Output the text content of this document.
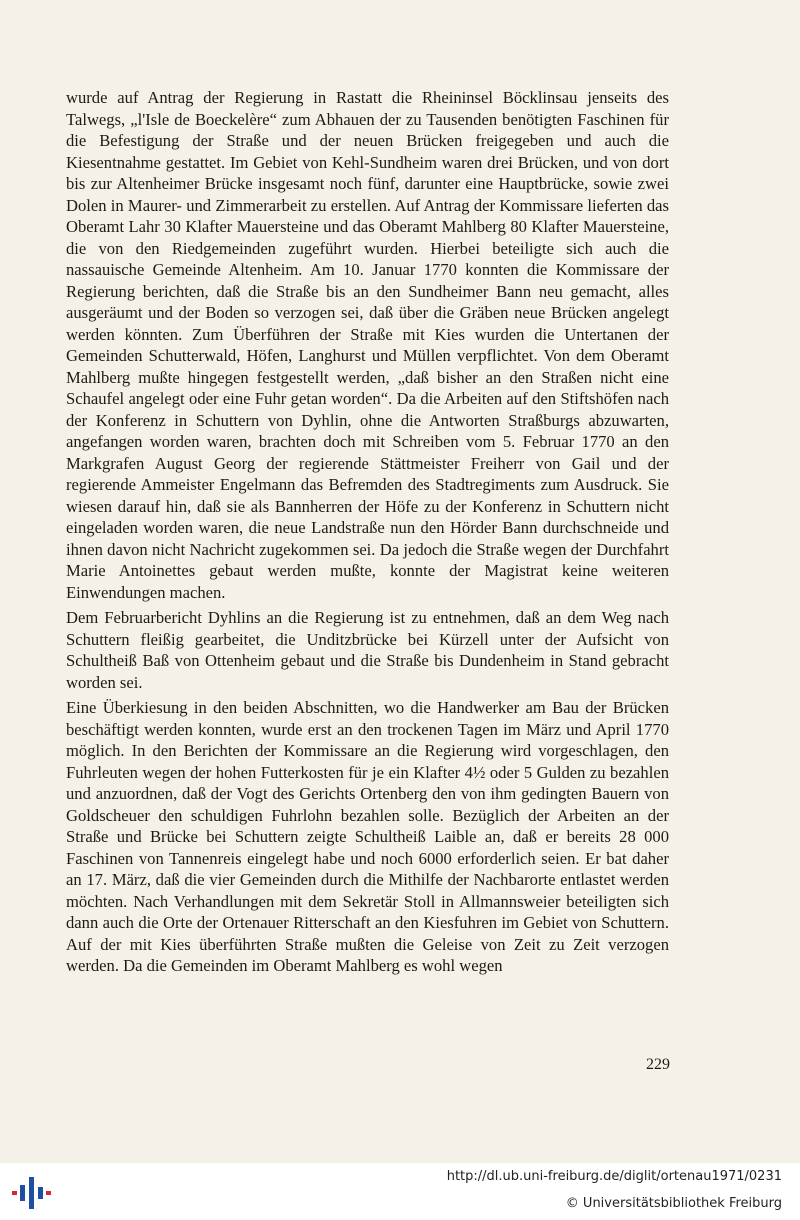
wurde auf Antrag der Regierung in Rastatt die Rheininsel Böcklinsau jenseits des Talwegs, „l'Isle de Boeckelère“ zum Abhauen der zu Tausenden benötigten Faschinen für die Befestigung der Straße und der neuen Brücken freigegeben und auch die Kiesentnahme gestattet. Im Gebiet von Kehl-Sundheim waren drei Brücken, und von dort bis zur Altenheimer Brücke insgesamt noch fünf, darunter eine Hauptbrücke, sowie zwei Dolen in Maurer- und Zimmerarbeit zu erstellen. Auf Antrag der Kommissare lieferten das Oberamt Lahr 30 Klafter Mauersteine und das Oberamt Mahlberg 80 Klafter Mauersteine, die von den Riedgemeinden zugeführt wurden. Hierbei beteiligte sich auch die nassauische Gemeinde Altenheim. Am 10. Januar 1770 konnten die Kommissare der Regierung berichten, daß die Straße bis an den Sundheimer Bann neu gemacht, alles ausgeräumt und der Boden so verzogen sei, daß über die Gräben neue Brücken angelegt werden könnten. Zum Überführen der Straße mit Kies wurden die Untertanen der Gemeinden Schutterwald, Höfen, Langhurst und Müllen verpflichtet. Von dem Oberamt Mahlberg mußte hingegen festgestellt werden, „daß bisher an den Straßen nicht eine Schaufel angelegt oder eine Fuhr getan worden“. Da die Arbeiten auf den Stiftshöfen nach der Konferenz in Schuttern von Dyhlin, ohne die Antworten Straßburgs abzuwarten, angefangen worden waren, brachten doch mit Schreiben vom 5. Februar 1770 an den Markgrafen August Georg der regierende Stättmeister Freiherr von Gail und der regierende Ammeister Engelmann das Befremden des Stadtregiments zum Ausdruck. Sie wiesen darauf hin, daß sie als Bannherren der Höfe zu der Konferenz in Schuttern nicht eingeladen worden waren, die neue Landstraße nun den Hörder Bann durchschneide und ihnen davon nicht Nachricht zugekommen sei. Da jedoch die Straße wegen der Durchfahrt Marie Antoinettes gebaut werden mußte, konnte der Magistrat keine weiteren Einwendungen machen.

Dem Februarbericht Dyhlins an die Regierung ist zu entnehmen, daß an dem Weg nach Schuttern fleißig gearbeitet, die Unditzbrücke bei Kürzell unter der Aufsicht von Schultheiß Baß von Ottenheim gebaut und die Straße bis Dundenheim in Stand gebracht worden sei.

Eine Überkiesung in den beiden Abschnitten, wo die Handwerker am Bau der Brücken beschäftigt werden konnten, wurde erst an den trockenen Tagen im März und April 1770 möglich. In den Berichten der Kommissare an die Regierung wird vorgeschlagen, den Fuhrleuten wegen der hohen Futterkosten für je ein Klafter 4½ oder 5 Gulden zu bezahlen und anzuordnen, daß der Vogt des Gerichts Ortenberg den von ihm gedingten Bauern von Goldscheuer den schuldigen Fuhrlohn bezahlen solle. Bezüglich der Arbeiten an der Straße und Brücke bei Schuttern zeigte Schultheiß Laible an, daß er bereits 28 000 Faschinen von Tannenreis eingelegt habe und noch 6000 erforderlich seien. Er bat daher an 17. März, daß die vier Gemeinden durch die Mithilfe der Nachbarorte entlastet werden möchten. Nach Verhandlungen mit dem Sekretär Stoll in Allmannsweier beteiligten sich dann auch die Orte der Ortenauer Ritterschaft an den Kiesfuhren im Gebiet von Schuttern. Auf der mit Kies überführten Straße mußten die Geleise von Zeit zu Zeit verzogen werden. Da die Gemeinden im Oberamt Mahlberg es wohl wegen

229
http://dl.ub.uni-freiburg.de/diglit/ortenau1971/0231
© Universitätsbibliothek Freiburg
